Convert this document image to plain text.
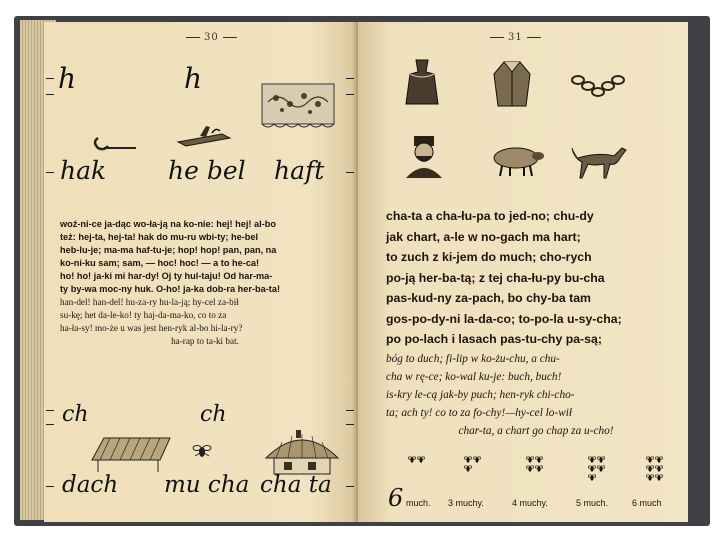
30
h	h
hak he bel haft
woź-ni-ce ja-dąc wo-ła-ją na ko-nie: hej! hej! al-bo
też: hej-ta, hej-ta! hak do mu-ru wbi-ty; he-bel
heb-lu-je; ma-ma haf-tu-je; hop! hop! pan, pan, na
ko-ni-ku sam; sam, — hoc! hoc! — a to he-ca!
ho! ho! ja-ki mi har-dy! Oj ty hul-taju! Od har-ma-
ty by-wa moc-ny huk. O-ho! ja-ka dob-ra her-ba-ta!
han-del! han-del! hu-za-ry hu-la-ją; hy-cel za-bił
su-kę; het da-le-ko! ty haj-da-ma-ko, co to za
ha-ła-sy! mo-że u was jest hen-ryk al-bo hi-la-ry?
ha-rap to ta-ki bat.
ch	ch
dach mu cha cha ta
31
cha-ta a cha-łu-pa to jed-no; chu-dy
jak chart, a-le w no-gach ma hart;
to zuch z ki-jem do much; cho-rych
po-ją her-ba-tą; z tej cha-łu-py bu-cha
pas-kud-ny za-pach, bo chy-ba tam
gos-po-dy-ni la-da-co; to-po-la u-sy-cha;
po po-lach i lasach pas-tu-chy pa-są;
bóg to duch; fi-lip w ko-żu-chu, a chu-
cha w rę-ce; ko-wal ku-je: buch, buch!
is-kry le-cą jak-by puch; hen-ryk chi-cho-
ta; ach ty! co to za fo-chy!—hy-cel lo-wił
char-ta, a chart go chap za u-cho!
6 much. 3 muchy.	4 muchy.	5 much.	6 much
